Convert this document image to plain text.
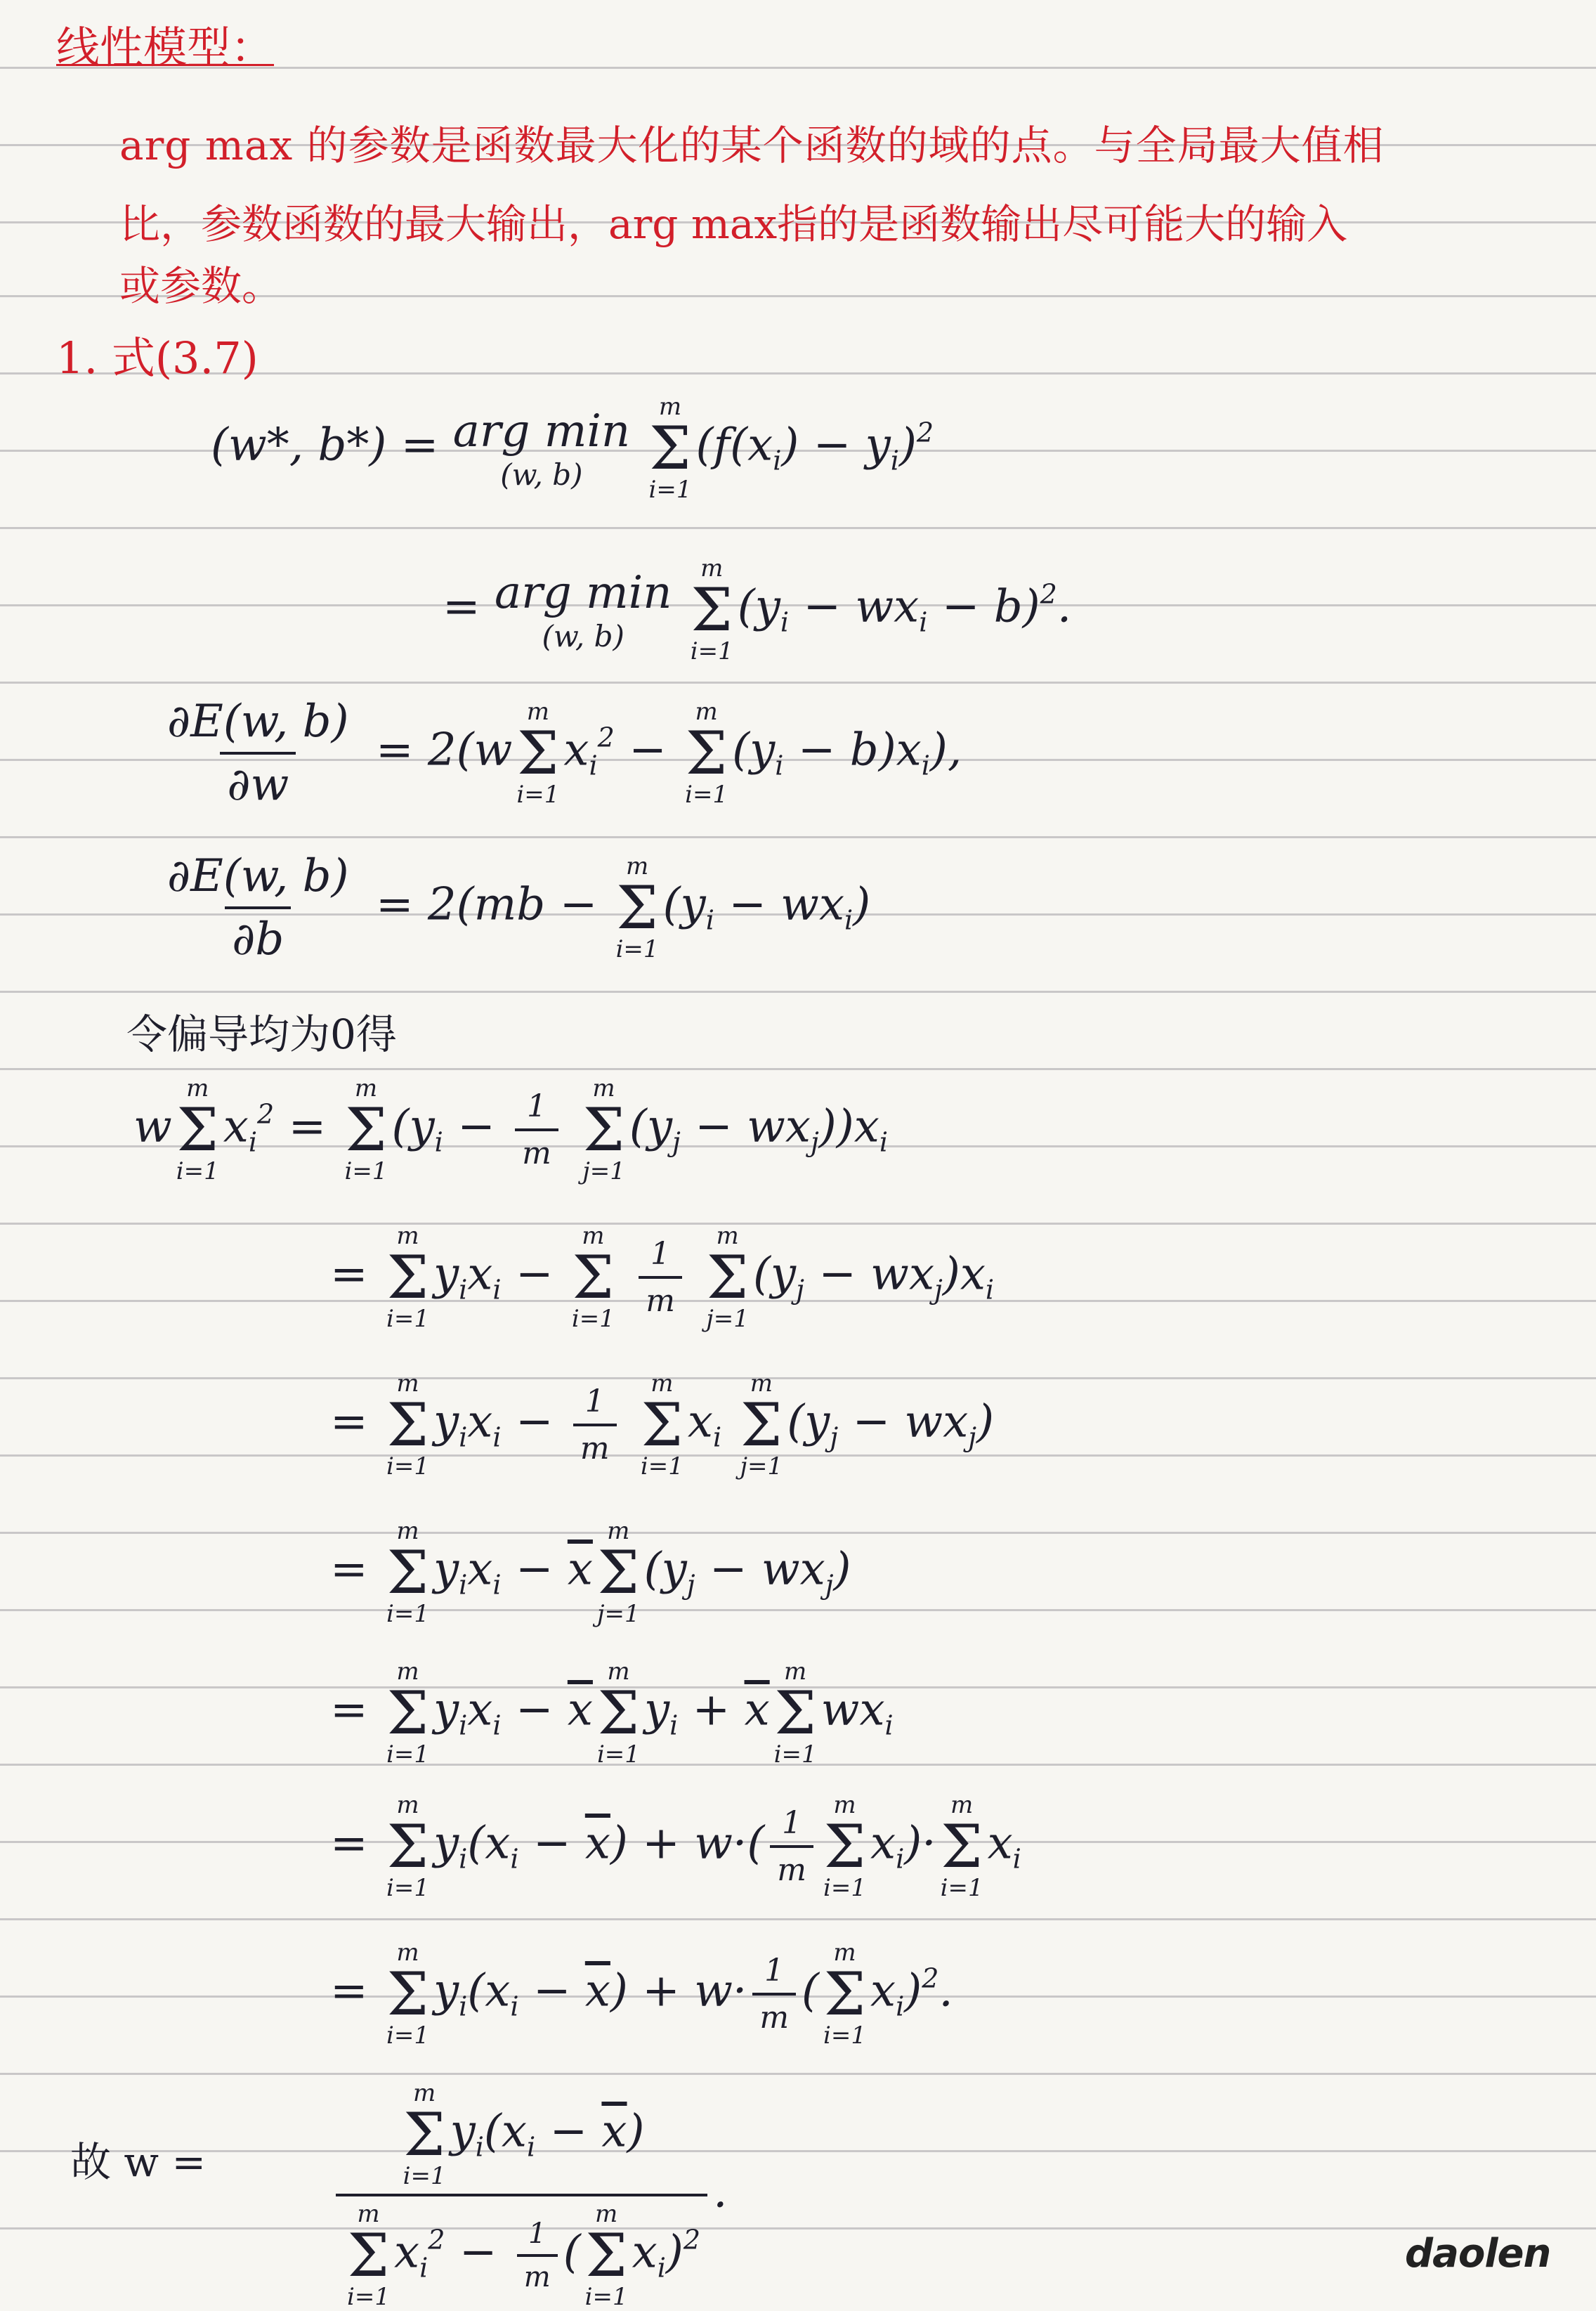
线性模型：
arg max 的参数是函数最大化的某个函数的域的点。与全局最大值相
比，参数函数的最大输出，arg max指的是函数输出尽可能大的输入
或参数。
1. 式(3.7)
(w*, b*) = arg min
(w, b)

m
Σ
i=1
$(f(x_i) - y_i)^2$
= arg min
(w, b)

m
Σ
i=1
$(y_i - wx_i - b)^2$.
$\frac{\partial E(w, b)}{\partial w} = 2(w$
m
Σ
i=1
$x_i^2$ −
m
Σ
i=1
$(y_i - b)x_i$),
$\frac{\partial E(w, b)}{\partial b} = 2(mb$ −
m
Σ
i=1
$(y_i - wx_i)$
令偏导均为0得
w
m
Σ
i=1
$x_i^2$ =
m
Σ
i=1
($y_i - \frac{1}{m}$
m
Σ
j=1
$(y_j - wx_j))x_i$
=
m
Σ
i=1
$y_ix_i$ −
m
Σ
i=1
$\frac{1}{m}$
m
Σ
j=1
$(y_j - wx_j)x_i$
=
m
Σ
i=1
$y_ix_i - \frac{1}{m}$
m
Σ
i=1
$x_i$
m
Σ
j=1
$(y_j - wx_j)$
=
m
Σ
i=1
$y_ix_i - \overline{x}$
m
Σ
j=1
$(y_j - wx_j)$
=
m
Σ
i=1
$y_ix_i - \overline{x}$
m
Σ
i=1
$y_i + \overline{x}$
m
Σ
i=1
$wx_i$
=
m
Σ
i=1
$y_i(x_i - \overline{x}) + w\cdot( \frac{1}{m}$ m
Σ
i=1
$x_i)\cdot$
m
Σ
i=1
$x_i$
=
m
Σ
i=1
$y_i(x_i - \overline{x}) + w\cdot \frac{1}{m}$ (
m
Σ
i=1
$x_i)^2$.
故 w =	m
Σ
i=1
$y_i(x_i - \overline{x})$
m
Σ
i=1
$x_i^2 - \frac{1}{m}$ (
m
Σ
i=1
$x_i)^2$ .
daolen
